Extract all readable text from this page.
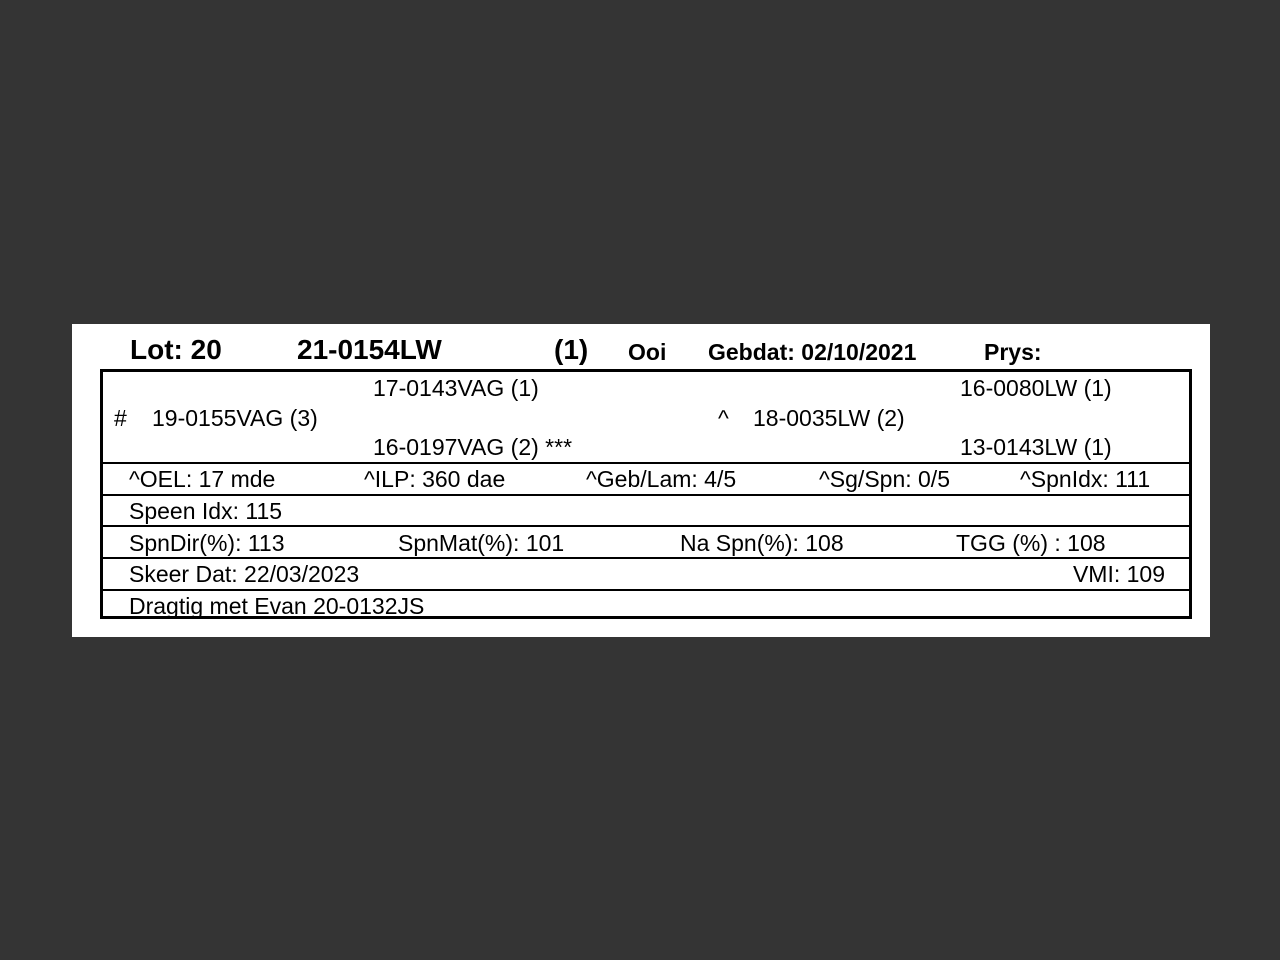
Lot: 20	21-0154LW	(1) Ooi Gebdat: 02/10/2021	Prys:
17-0143VAG (1)	16-0080LW (1)
# 19-0155VAG (3)	^ 18-0035LW (2)
16-0197VAG (2) ***	13-0143LW (1)
^OEL: 17 mde	^ILP: 360 dae	^Geb/Lam: 4/5	^Sg/Spn: 0/5	^SpnIdx: 111
Speen Idx: 115
SpnDir(%): 113	SpnMat(%): 101	Na Spn(%): 108	TGG (%) : 108
Skeer Dat: 22/03/2023	VMI: 109
Dragtig met Evan 20-0132JS
